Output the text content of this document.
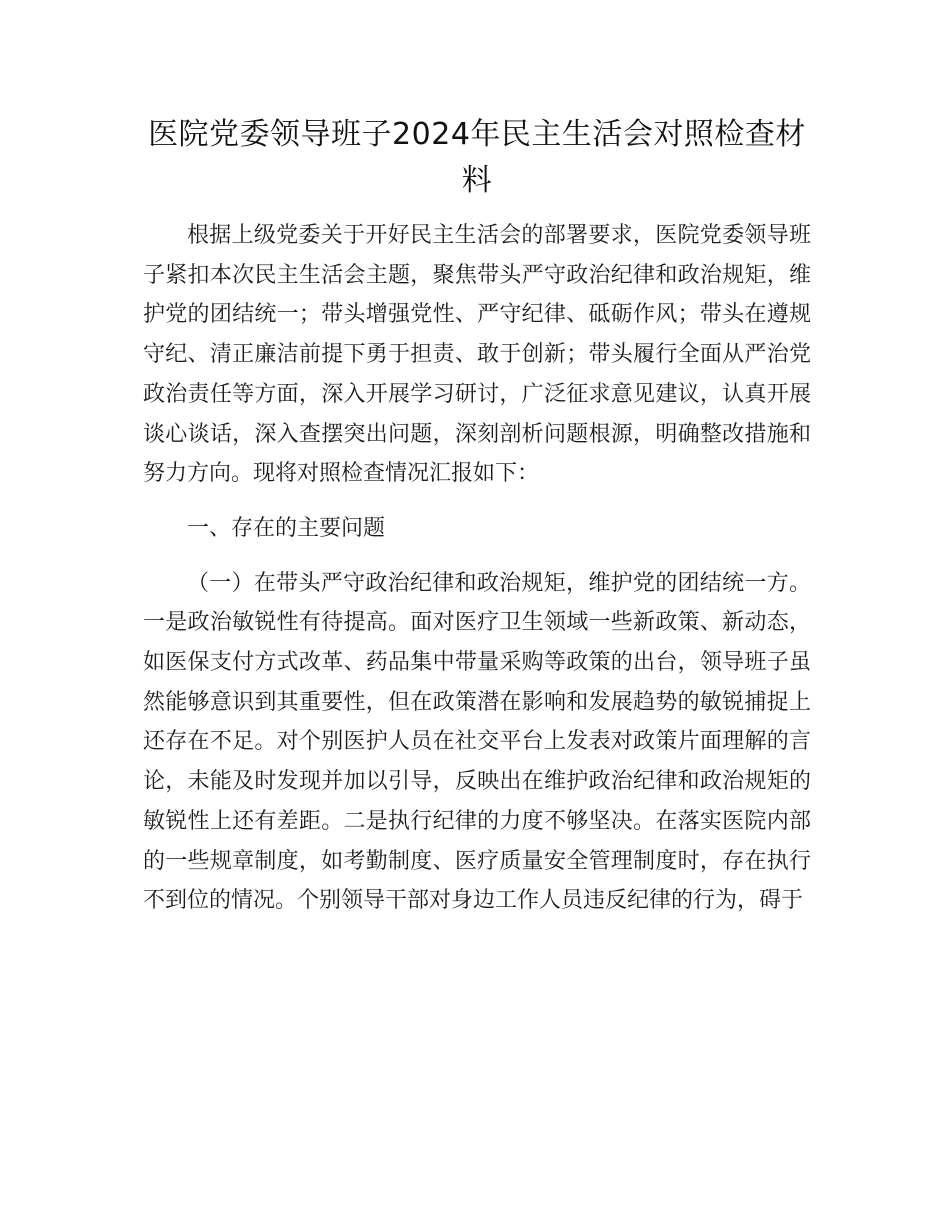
医院党委领导班子2024年民主生活会对照检查材料

根据上级党委关于开好民主生活会的部署要求，医院党委领导班子紧扣本次民主生活会主题，聚焦带头严守政治纪律和政治规矩，维护党的团结统一；带头增强党性、严守纪律、砥砺作风；带头在遵规守纪、清正廉洁前提下勇于担责、敢于创新；带头履行全面从严治党政治责任等方面，深入开展学习研讨，广泛征求意见建议，认真开展谈心谈话，深入查摆突出问题，深刻剖析问题根源，明确整改措施和努力方向。现将对照检查情况汇报如下：

一、存在的主要问题

（一）在带头严守政治纪律和政治规矩，维护党的团结统一方。一是政治敏锐性有待提高。面对医疗卫生领域一些新政策、新动态，如医保支付方式改革、药品集中带量采购等政策的出台，领导班子虽然能够意识到其重要性，但在政策潜在影响和发展趋势的敏锐捕捉上还存在不足。对个别医护人员在社交平台上发表对政策片面理解的言论，未能及时发现并加以引导，反映出在维护政治纪律和政治规矩的敏锐性上还有差距。二是执行纪律的力度不够坚决。在落实医院内部的一些规章制度，如考勤制度、医疗质量安全管理制度时，存在执行不到位的情况。个别领导干部对身边工作人员违反纪律的行为，碍于
